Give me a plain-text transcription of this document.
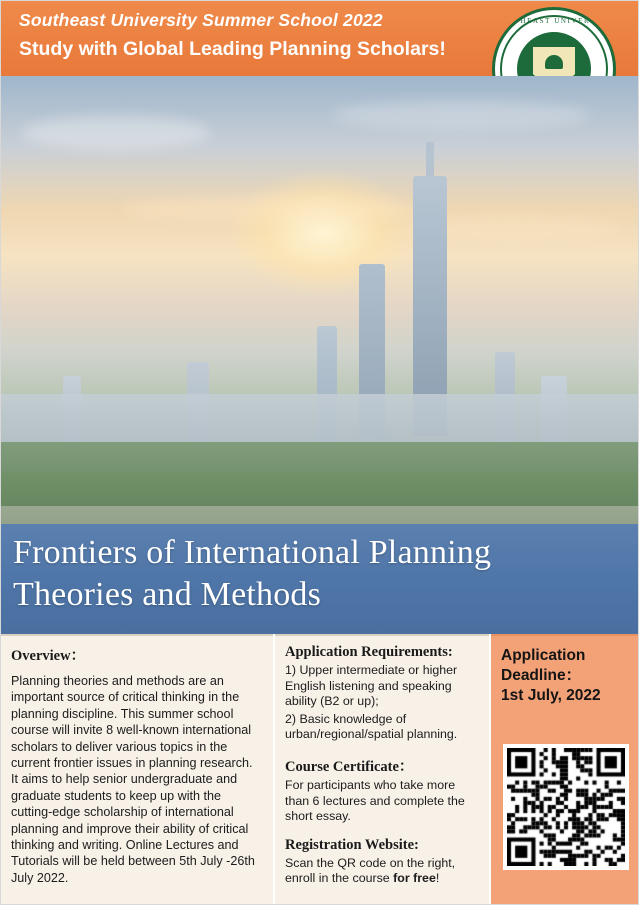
Southeast University Summer School 2022
Study with Global Leading Planning Scholars!
SOUTHEAST UNIVERSITY
Frontiers of International Planning
Theories and Methods
Overview：

Planning theories and methods are an important source of critical thinking in the planning discipline. This summer school course will invite 8 well-known international scholars to deliver various topics in the current frontier issues in planning research. It aims to help senior undergraduate and graduate students to keep up with the cutting-edge scholarship of international planning and improve their ability of critical thinking and writing. Online Lectures and Tutorials will be held between 5th July -26th July 2022.

Application Requirements:
1) Upper intermediate or higher English listening and speaking ability (B2 or up);
2) Basic knowledge of urban/regional/spatial planning.
Course Certificate：
For participants who take more than 6 lectures and complete the short essay.
Registration Website:
Scan the QR code on the right, enroll in the course for free!
Application Deadline：
1st July, 2022
